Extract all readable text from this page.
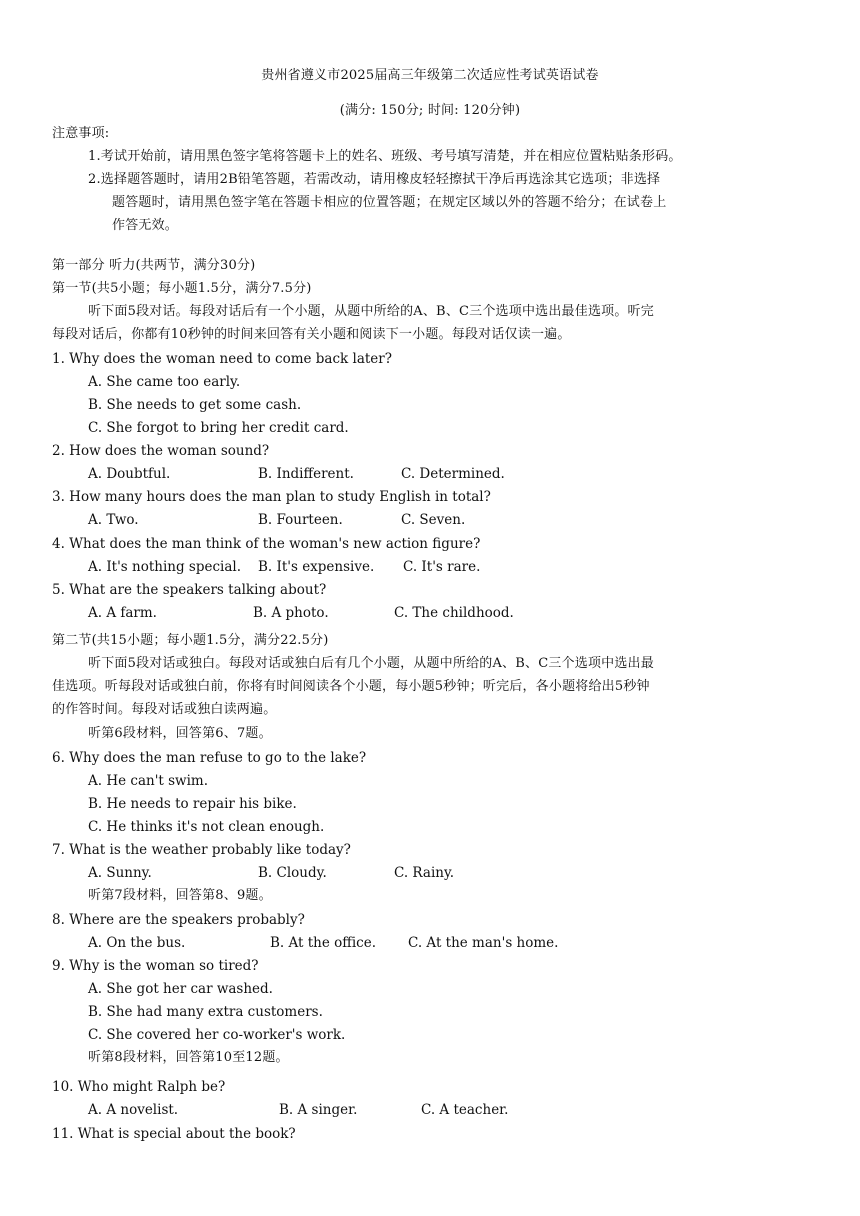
贵州省遵义市2025届高三年级第二次适应性考试英语试卷

(满分: 150分; 时间: 120分钟)

注意事项:

1.考试开始前，请用黑色签字笔将答题卡上的姓名、班级、考号填写清楚，并在相应位置粘贴条形码。

2.选择题答题时，请用2B铅笔答题，若需改动，请用橡皮轻轻擦拭干净后再选涂其它选项；非选择

题答题时，请用黑色签字笔在答题卡相应的位置答题；在规定区域以外的答题不给分；在试卷上

作答无效。

第一部分 听力(共两节，满分30分)

第一节(共5小题；每小题1.5分，满分7.5分)

听下面5段对话。每段对话后有一个小题，从题中所给的A、B、C三个选项中选出最佳选项。听完

每段对话后，你都有10秒钟的时间来回答有关小题和阅读下一小题。每段对话仅读一遍。

1. Why does the woman need to come back later?

A. She came too early.

B. She needs to get some cash.

C. She forgot to bring her credit card.

2. How does the woman sound?

A. Doubtful.	B. Indifferent.	C. Determined.

3. How many hours does the man plan to study English in total?

A. Two.	B. Fourteen.	C. Seven.

4. What does the man think of the woman's new action figure?

A. It's nothing special. B. It's expensive. C. It's rare.

5. What are the speakers talking about?

A. A farm.	B. A photo.	C. The childhood.

第二节(共15小题；每小题1.5分，满分22.5分)

听下面5段对话或独白。每段对话或独白后有几个小题，从题中所给的A、B、C三个选项中选出最

佳选项。听每段对话或独白前，你将有时间阅读各个小题，每小题5秒钟；听完后，各小题将给出5秒钟

的作答时间。每段对话或独白读两遍。

听第6段材料，回答第6、7题。

6. Why does the man refuse to go to the lake?

A. He can't swim.

B. He needs to repair his bike.

C. He thinks it's not clean enough.

7. What is the weather probably like today?

A. Sunny.	B. Cloudy.	C. Rainy.

听第7段材料，回答第8、9题。

8. Where are the speakers probably?

A. On the bus.	B. At the office. C. At the man's home.

9. Why is the woman so tired?

A. She got her car washed.

B. She had many extra customers.

C. She covered her co-worker's work.

听第8段材料，回答第10至12题。

10. Who might Ralph be?

A. A novelist.	B. A singer.	C. A teacher.

11. What is special about the book?
